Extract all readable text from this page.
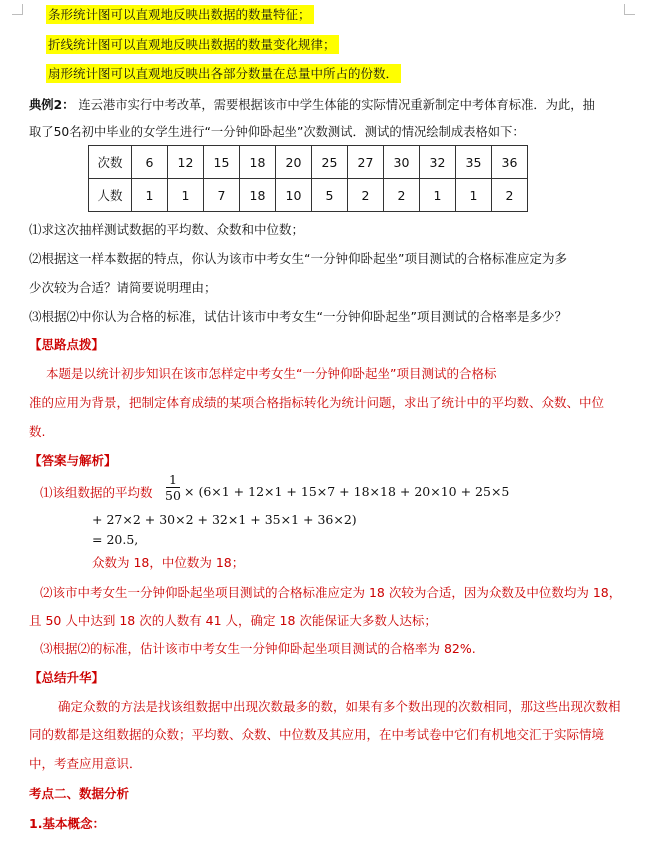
条形统计图可以直观地反映出数据的数量特征；
折线统计图可以直观地反映出数据的数量变化规律；
扇形统计图可以直观地反映出各部分数量在总量中所占的份数．
典例2： 连云港市实行中考改革，需要根据该市中学生体能的实际情况重新制定中考体育标准．为此，抽
取了50名初中毕业的女学生进行“一分钟仰卧起坐”次数测试．测试的情况绘制成表格如下：
次数	6	12	15	18	20	25	27	30	32	35	36
人数	1	1	7	18	10	5	2	2	1	1	2
⑴求这次抽样测试数据的平均数、众数和中位数；
⑵根据这一样本数据的特点，你认为该市中考女生“一分钟仰卧起坐”项目测试的合格标准应定为多
少次较为合适？请简要说明理由；
⑶根据⑵中你认为合格的标准，试估计该市中考女生“一分钟仰卧起坐”项目测试的合格率是多少？
【思路点拨】
本题是以统计初步知识在该市怎样定中考女生“一分钟仰卧起坐”项目测试的合格标
准的应用为背景，把制定体育成绩的某项合格指标转化为统计问题，求出了统计中的平均数、众数、中位
数.
【答案与解析】
⑴该组数据的平均数
1
50 × (6×1 + 12×1 + 15×7 + 18×18 + 20×10 + 25×5
+ 27×2 + 30×2 + 32×1 + 35×1 + 36×2)
= 20.5,
众数为 18，中位数为 18；
⑵该市中考女生一分钟仰卧起坐项目测试的合格标准应定为 18 次较为合适，因为众数及中位数均为 18，
且 50 人中达到 18 次的人数有 41 人，确定 18 次能保证大多数人达标；
⑶根据⑵的标准，估计该市中考女生一分钟仰卧起坐项目测试的合格率为 82%.
【总结升华】
确定众数的方法是找该组数据中出现次数最多的数，如果有多个数出现的次数相同，那这些出现次数相
同的数都是这组数据的众数；平均数、众数、中位数及其应用，在中考试卷中它们有机地交汇于实际情境
中，考查应用意识．
考点二、数据分析
1.基本概念：
